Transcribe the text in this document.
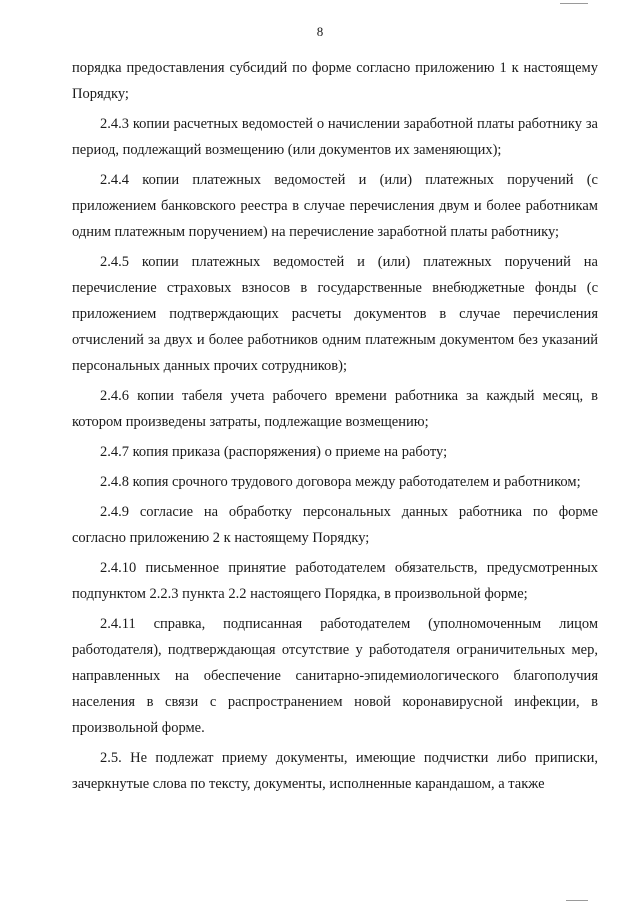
8

порядка предоставления субсидий по форме согласно приложению 1 к настоящему Порядку;

2.4.3 копии расчетных ведомостей о начислении заработной платы работнику за период, подлежащий возмещению (или документов их заменяющих);

2.4.4 копии платежных ведомостей и (или) платежных поручений (с приложением банковского реестра в случае перечисления двум и более работникам одним платежным поручением) на перечисление заработной платы работнику;

2.4.5 копии платежных ведомостей и (или) платежных поручений на перечисление страховых взносов в государственные внебюджетные фонды (с приложением подтверждающих расчеты документов в случае перечисления отчислений за двух и более работников одним платежным документом без указаний персональных данных прочих сотрудников);

2.4.6 копии табеля учета рабочего времени работника за каждый месяц, в котором произведены затраты, подлежащие возмещению;

2.4.7 копия приказа (распоряжения) о приеме на работу;

2.4.8 копия срочного трудового договора между работодателем и работником;

2.4.9 согласие на обработку персональных данных работника по форме согласно приложению 2 к настоящему Порядку;

2.4.10 письменное принятие работодателем обязательств, предусмотренных подпунктом 2.2.3 пункта 2.2 настоящего Порядка, в произвольной форме;

2.4.11 справка, подписанная работодателем (уполномоченным лицом работодателя), подтверждающая отсутствие у работодателя ограничительных мер, направленных на обеспечение санитарно-эпидемиологического благополучия населения в связи с распространением новой коронавирусной инфекции, в произвольной форме.

2.5. Не подлежат приему документы, имеющие подчистки либо приписки, зачеркнутые слова по тексту, документы, исполненные карандашом, а также
